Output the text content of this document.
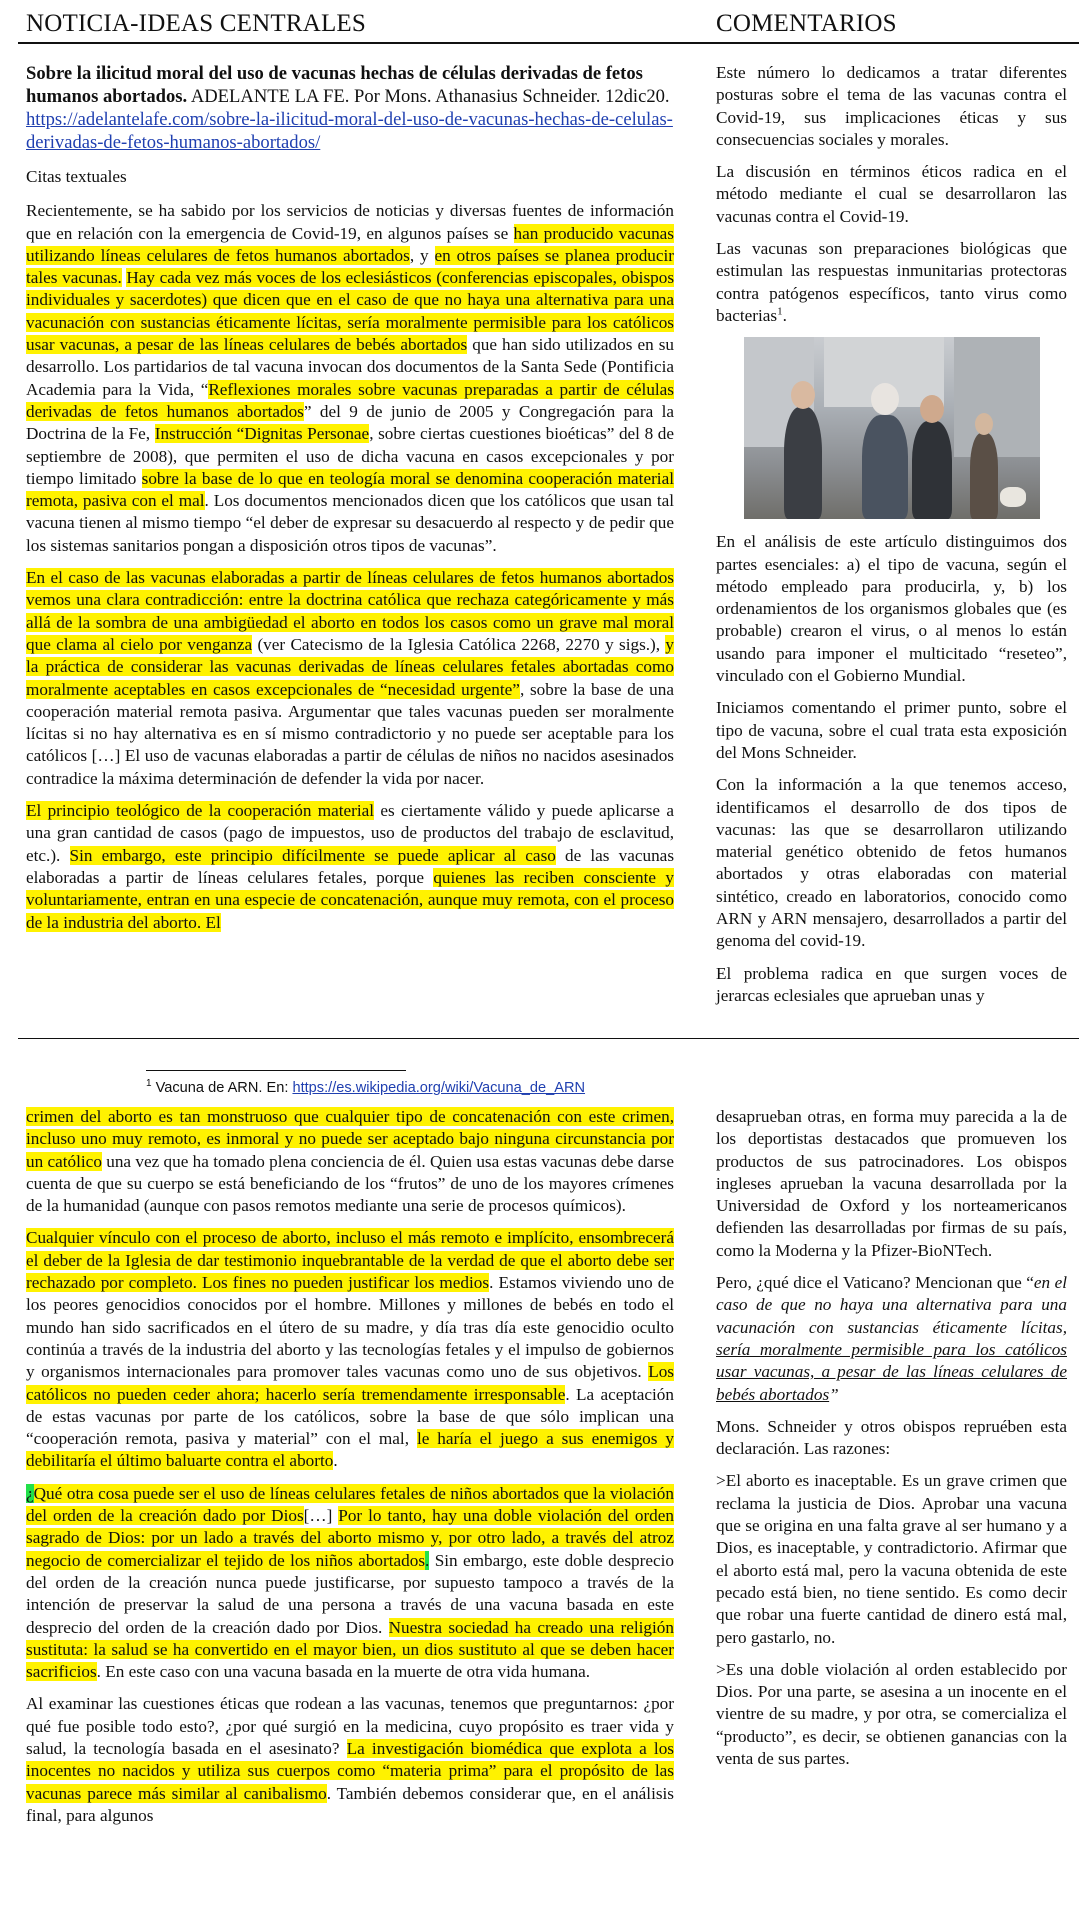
NOTICIA-IDEAS CENTRALES	COMENTARIOS
Sobre la ilicitud moral del uso de vacunas hechas de células derivadas de fetos humanos abortados. ADELANTE LA FE. Por Mons. Athanasius Schneider. 12dic20. https://adelantelafe.com/sobre-la-ilicitud-moral-del-uso-de-vacunas-hechas-de-celulas-derivadas-de-fetos-humanos-abortados/
Citas textuales

Recientemente, se ha sabido por los servicios de noticias y diversas fuentes de información que en relación con la emergencia de Covid-19, en algunos países se han producido vacunas utilizando líneas celulares de fetos humanos abortados, y en otros países se planea producir tales vacunas. Hay cada vez más voces de los eclesiásticos (conferencias episcopales, obispos individuales y sacerdotes) que dicen que en el caso de que no haya una alternativa para una vacunación con sustancias éticamente lícitas, sería moralmente permisible para los católicos usar vacunas, a pesar de las líneas celulares de bebés abortados que han sido utilizados en su desarrollo. Los partidarios de tal vacuna invocan dos documentos de la Santa Sede (Pontificia Academia para la Vida, “Reflexiones morales sobre vacunas preparadas a partir de células derivadas de fetos humanos abortados” del 9 de junio de 2005 y Congregación para la Doctrina de la Fe, Instrucción “Dignitas Personae, sobre ciertas cuestiones bioéticas” del 8 de septiembre de 2008), que permiten el uso de dicha vacuna en casos excepcionales y por tiempo limitado sobre la base de lo que en teología moral se denomina cooperación material remota, pasiva con el mal. Los documentos mencionados dicen que los católicos que usan tal vacuna tienen al mismo tiempo “el deber de expresar su desacuerdo al respecto y de pedir que los sistemas sanitarios pongan a disposición otros tipos de vacunas”.

En el caso de las vacunas elaboradas a partir de líneas celulares de fetos humanos abortados vemos una clara contradicción: entre la doctrina católica que rechaza categóricamente y más allá de la sombra de una ambigüedad el aborto en todos los casos como un grave mal moral que clama al cielo por venganza (ver Catecismo de la Iglesia Católica 2268, 2270 y sigs.), y la práctica de considerar las vacunas derivadas de líneas celulares fetales abortadas como moralmente aceptables en casos excepcionales de “necesidad urgente”, sobre la base de una cooperación material remota pasiva. Argumentar que tales vacunas pueden ser moralmente lícitas si no hay alternativa es en sí mismo contradictorio y no puede ser aceptable para los católicos […] El uso de vacunas elaboradas a partir de células de niños no nacidos asesinados contradice la máxima determinación de defender la vida por nacer.

El principio teológico de la cooperación material es ciertamente válido y puede aplicarse a una gran cantidad de casos (pago de impuestos, uso de productos del trabajo de esclavitud, etc.). Sin embargo, este principio difícilmente se puede aplicar al caso de las vacunas elaboradas a partir de líneas celulares fetales, porque quienes las reciben consciente y voluntariamente, entran en una especie de concatenación, aunque muy remota, con el proceso de la industria del aborto. El

Este número lo dedicamos a tratar diferentes posturas sobre el tema de las vacunas contra el Covid-19, sus implicaciones éticas y sus consecuencias sociales y morales.

La discusión en términos éticos radica en el método mediante el cual se desarrollaron las vacunas contra el Covid-19.

Las vacunas son preparaciones biológicas que estimulan las respuestas inmunitarias protectoras contra patógenos específicos, tanto virus como bacterias$^1$.

En el análisis de este artículo distinguimos dos partes esenciales: a) el tipo de vacuna, según el método empleado para producirla, y, b) los ordenamientos de los organismos globales que (es probable) crearon el virus, o al menos lo están usando para imponer el multicitado “reseteo”, vinculado con el Gobierno Mundial.

Iniciamos comentando el primer punto, sobre el tipo de vacuna, sobre el cual trata esta exposición del Mons Schneider.

Con la información a la que tenemos acceso, identificamos el desarrollo de dos tipos de vacunas: las que se desarrollaron utilizando material genético obtenido de fetos humanos abortados y otras elaboradas con material sintético, creado en laboratorios, conocido como ARN y ARN mensajero, desarrollados a partir del genoma del covid-19.

El problema radica en que surgen voces de jerarcas eclesiales que aprueban unas y

$^1$ Vacuna de ARN. En: https://es.wikipedia.org/wiki/Vacuna_de_ARN

crimen del aborto es tan monstruoso que cualquier tipo de concatenación con este crimen, incluso uno muy remoto, es inmoral y no puede ser aceptado bajo ninguna circunstancia por un católico una vez que ha tomado plena conciencia de él. Quien usa estas vacunas debe darse cuenta de que su cuerpo se está beneficiando de los “frutos” de uno de los mayores crímenes de la humanidad (aunque con pasos remotos mediante una serie de procesos químicos).

Cualquier vínculo con el proceso de aborto, incluso el más remoto e implícito, ensombrecerá el deber de la Iglesia de dar testimonio inquebrantable de la verdad de que el aborto debe ser rechazado por completo. Los fines no pueden justificar los medios. Estamos viviendo uno de los peores genocidios conocidos por el hombre. Millones y millones de bebés en todo el mundo han sido sacrificados en el útero de su madre, y día tras día este genocidio oculto continúa a través de la industria del aborto y las tecnologías fetales y el impulso de gobiernos y organismos internacionales para promover tales vacunas como uno de sus objetivos. Los católicos no pueden ceder ahora; hacerlo sería tremendamente irresponsable. La aceptación de estas vacunas por parte de los católicos, sobre la base de que sólo implican una “cooperación remota, pasiva y material” con el mal, le haría el juego a sus enemigos y debilitaría el último baluarte contra el aborto.

¿Qué otra cosa puede ser el uso de líneas celulares fetales de niños abortados que la violación del orden de la creación dado por Dios[…] Por lo tanto, hay una doble violación del orden sagrado de Dios: por un lado a través del aborto mismo y, por otro lado, a través del atroz negocio de comercializar el tejido de los niños abortados. Sin embargo, este doble desprecio del orden de la creación nunca puede justificarse, por supuesto tampoco a través de la intención de preservar la salud de una persona a través de una vacuna basada en este desprecio del orden de la creación dado por Dios. Nuestra sociedad ha creado una religión sustituta: la salud se ha convertido en el mayor bien, un dios sustituto al que se deben hacer sacrificios. En este caso con una vacuna basada en la muerte de otra vida humana.

Al examinar las cuestiones éticas que rodean a las vacunas, tenemos que preguntarnos: ¿por qué fue posible todo esto?, ¿por qué surgió en la medicina, cuyo propósito es traer vida y salud, la tecnología basada en el asesinato? La investigación biomédica que explota a los inocentes no nacidos y utiliza sus cuerpos como “materia prima” para el propósito de las vacunas parece más similar al canibalismo. También debemos considerar que, en el análisis final, para algunos

desaprueban otras, en forma muy parecida a la de los deportistas destacados que promueven los productos de sus patrocinadores. Los obispos ingleses aprueban la vacuna desarrollada por la Universidad de Oxford y los norteamericanos defienden las desarrolladas por firmas de su país, como la Moderna y la Pfizer-BioNTech.

Pero, ¿qué dice el Vaticano? Mencionan que “en el caso de que no haya una alternativa para una vacunación con sustancias éticamente lícitas, sería moralmente permisible para los católicos usar vacunas, a pesar de las líneas celulares de bebés abortados”

Mons. Schneider y otros obispos repruében esta declaración. Las razones:

>El aborto es inaceptable. Es un grave crimen que reclama la justicia de Dios. Aprobar una vacuna que se origina en una falta grave al ser humano y a Dios, es inaceptable, y contradictorio. Afirmar que el aborto está mal, pero la vacuna obtenida de este pecado está bien, no tiene sentido. Es como decir que robar una fuerte cantidad de dinero está mal, pero gastarlo, no.
>Es una doble violación al orden establecido por Dios. Por una parte, se asesina a un inocente en el vientre de su madre, y por otra, se comercializa el “producto”, es decir, se obtienen ganancias con la venta de sus partes.
